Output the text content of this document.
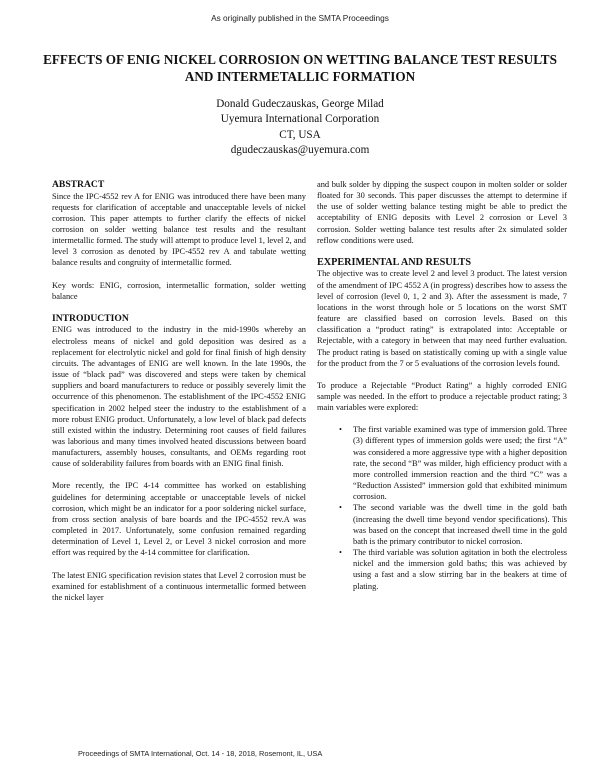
As originally published in the SMTA Proceedings
EFFECTS OF ENIG NICKEL CORROSION ON WETTING BALANCE TEST RESULTS AND INTERMETALLIC FORMATION
Donald Gudeczauskas, George Milad
Uyemura International Corporation
CT, USA
dgudeczauskas@uyemura.com
ABSTRACT

Since the IPC-4552 rev A for ENIG was introduced there have been many requests for clarification of acceptable and unacceptable levels of nickel corrosion. This paper attempts to further clarify the effects of nickel corrosion on solder wetting balance test results and the resultant intermetallic formed. The study will attempt to produce level 1, level 2, and level 3 corrosion as denoted by IPC-4552 rev A and tabulate wetting balance results and congruity of intermetallic formed.

Key words: ENIG, corrosion, intermetallic formation, solder wetting balance

INTRODUCTION

ENIG was introduced to the industry in the mid-1990s whereby an electroless means of nickel and gold deposition was desired as a replacement for electrolytic nickel and gold for final finish of high density circuits. The advantages of ENIG are well known. In the late 1990s, the issue of “black pad” was discovered and steps were taken by chemical suppliers and board manufacturers to reduce or possibly severely limit the occurrence of this phenomenon. The establishment of the IPC-4552 ENIG specification in 2002 helped steer the industry to the establishment of a more robust ENIG product. Unfortunately, a low level of black pad defects still existed within the industry. Determining root causes of field failures was laborious and many times involved heated discussions between board manufacturers, assembly houses, consultants, and OEMs regarding root cause of solderability failures from boards with an ENIG final finish.

More recently, the IPC 4-14 committee has worked on establishing guidelines for determining acceptable or unacceptable levels of nickel corrosion, which might be an indicator for a poor soldering nickel surface, from cross section analysis of bare boards and the IPC-4552 rev.A was completed in 2017. Unfortunately, some confusion remained regarding determination of Level 1, Level 2, or Level 3 nickel corrosion and more effort was required by the 4-14 committee for clarification.

The latest ENIG specification revision states that Level 2 corrosion must be examined for establishment of a continuous intermetallic formed between the nickel layer

and bulk solder by dipping the suspect coupon in molten solder or solder floated for 30 seconds. This paper discusses the attempt to determine if the use of solder wetting balance testing might be able to predict the acceptability of ENIG deposits with Level 2 corrosion or Level 3 corrosion. Solder wetting balance test results after 2x simulated solder reflow conditions were used.

EXPERIMENTAL AND RESULTS

The objective was to create level 2 and level 3 product. The latest version of the amendment of IPC 4552 A (in progress) describes how to assess the level of corrosion (level 0, 1, 2 and 3). After the assessment is made, 7 locations in the worst through hole or 5 locations on the worst SMT feature are classified based on corrosion levels. Based on this classification a “product rating” is extrapolated into: Acceptable or Rejectable, with a category in between that may need further evaluation. The product rating is based on statistically coming up with a single value for the product from the 7 or 5 evaluations of the corrosion levels found.

To produce a Rejectable “Product Rating” a highly corroded ENIG sample was needed. In the effort to produce a rejectable product rating; 3 main variables were explored:

• The first variable examined was type of immersion gold. Three (3) different types of immersion golds were used; the first “A” was considered a more aggressive type with a higher deposition rate, the second “B” was milder, high efficiency product with a more controlled immersion reaction and the third “C” was a “Reduction Assisted” immersion gold that exhibited minimum corrosion.
• The second variable was the dwell time in the gold bath (increasing the dwell time beyond vendor specifications). This was based on the concept that increased dwell time in the gold bath is the primary contributor to nickel corrosion.
• The third variable was solution agitation in both the electroless nickel and the immersion gold baths; this was achieved by using a fast and a slow stirring bar in the beakers at time of plating.
Proceedings of SMTA International, Oct. 14 - 18, 2018, Rosemont, IL, USA
